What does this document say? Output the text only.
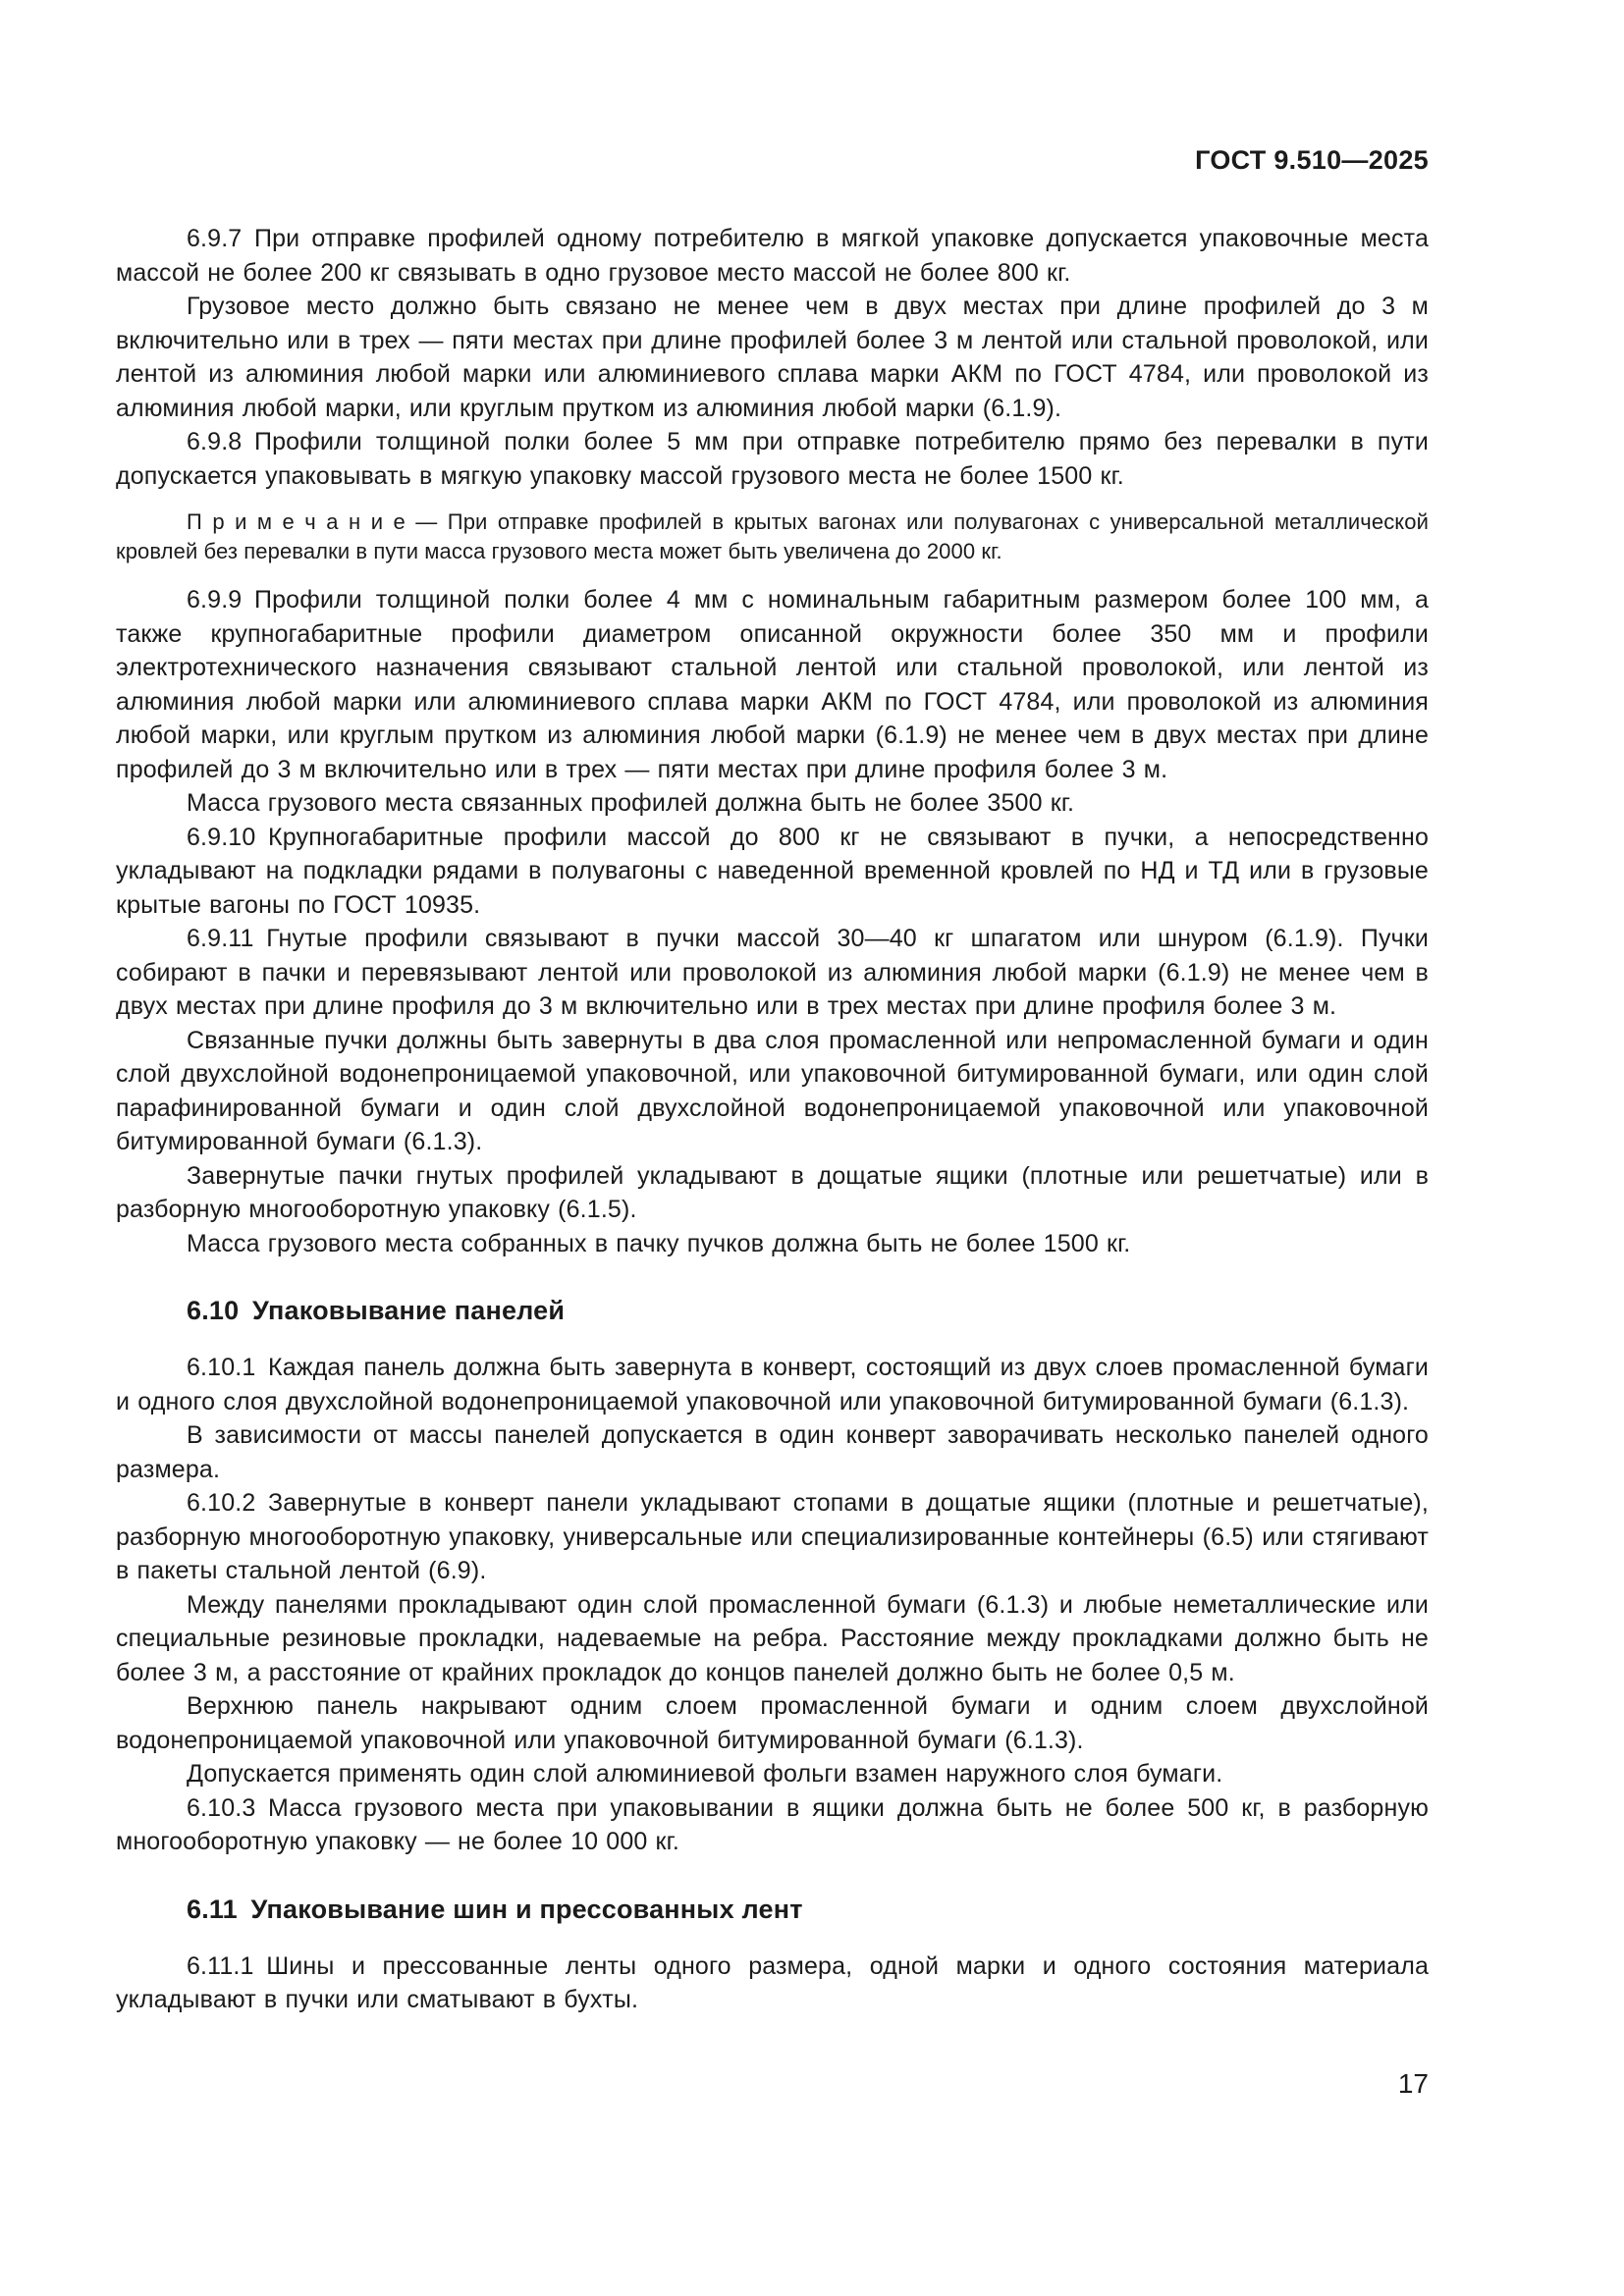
ГОСТ 9.510—2025

6.9.7 При отправке профилей одному потребителю в мягкой упаковке допускается упаковочные места массой не более 200 кг связывать в одно грузовое место массой не более 800 кг.

Грузовое место должно быть связано не менее чем в двух местах при длине профилей до 3 м включительно или в трех — пяти местах при длине профилей более 3 м лентой или стальной проволокой, или лентой из алюминия любой марки или алюминиевого сплава марки АКМ по ГОСТ 4784, или проволокой из алюминия любой марки, или круглым прутком из алюминия любой марки (6.1.9).

6.9.8 Профили толщиной полки более 5 мм при отправке потребителю прямо без перевалки в пути допускается упаковывать в мягкую упаковку массой грузового места не более 1500 кг.

П р и м е ч а н и е — При отправке профилей в крытых вагонах или полувагонах с универсальной металлической кровлей без перевалки в пути масса грузового места может быть увеличена до 2000 кг.

6.9.9 Профили толщиной полки более 4 мм с номинальным габаритным размером более 100 мм, а также крупногабаритные профили диаметром описанной окружности более 350 мм и профили электротехнического назначения связывают стальной лентой или стальной проволокой, или лентой из алюминия любой марки или алюминиевого сплава марки АКМ по ГОСТ 4784, или проволокой из алюминия любой марки, или круглым прутком из алюминия любой марки (6.1.9) не менее чем в двух местах при длине профилей до 3 м включительно или в трех — пяти местах при длине профиля более 3 м.

Масса грузового места связанных профилей должна быть не более 3500 кг.

6.9.10 Крупногабаритные профили массой до 800 кг не связывают в пучки, а непосредственно укладывают на подкладки рядами в полувагоны с наведенной временной кровлей по НД и ТД или в грузовые крытые вагоны по ГОСТ 10935.

6.9.11 Гнутые профили связывают в пучки массой 30—40 кг шпагатом или шнуром (6.1.9). Пучки собирают в пачки и перевязывают лентой или проволокой из алюминия любой марки (6.1.9) не менее чем в двух местах при длине профиля до 3 м включительно или в трех местах при длине профиля более 3 м.

Связанные пучки должны быть завернуты в два слоя промасленной или непромасленной бумаги и один слой двухслойной водонепроницаемой упаковочной, или упаковочной битумированной бумаги, или один слой парафинированной бумаги и один слой двухслойной водонепроницаемой упаковочной или упаковочной битумированной бумаги (6.1.3).

Завернутые пачки гнутых профилей укладывают в дощатые ящики (плотные или решетчатые) или в разборную многооборотную упаковку (6.1.5).

Масса грузового места собранных в пачку пучков должна быть не более 1500 кг.

6.10 Упаковывание панелей

6.10.1 Каждая панель должна быть завернута в конверт, состоящий из двух слоев промасленной бумаги и одного слоя двухслойной водонепроницаемой упаковочной или упаковочной битумированной бумаги (6.1.3).

В зависимости от массы панелей допускается в один конверт заворачивать несколько панелей одного размера.

6.10.2 Завернутые в конверт панели укладывают стопами в дощатые ящики (плотные и решетчатые), разборную многооборотную упаковку, универсальные или специализированные контейнеры (6.5) или стягивают в пакеты стальной лентой (6.9).

Между панелями прокладывают один слой промасленной бумаги (6.1.3) и любые неметаллические или специальные резиновые прокладки, надеваемые на ребра. Расстояние между прокладками должно быть не более 3 м, а расстояние от крайних прокладок до концов панелей должно быть не более 0,5 м.

Верхнюю панель накрывают одним слоем промасленной бумаги и одним слоем двухслойной водонепроницаемой упаковочной или упаковочной битумированной бумаги (6.1.3).

Допускается применять один слой алюминиевой фольги взамен наружного слоя бумаги.

6.10.3 Масса грузового места при упаковывании в ящики должна быть не более 500 кг, в разборную многооборотную упаковку — не более 10 000 кг.

6.11 Упаковывание шин и прессованных лент

6.11.1 Шины и прессованные ленты одного размера, одной марки и одного состояния материала укладывают в пучки или сматывают в бухты.

17
